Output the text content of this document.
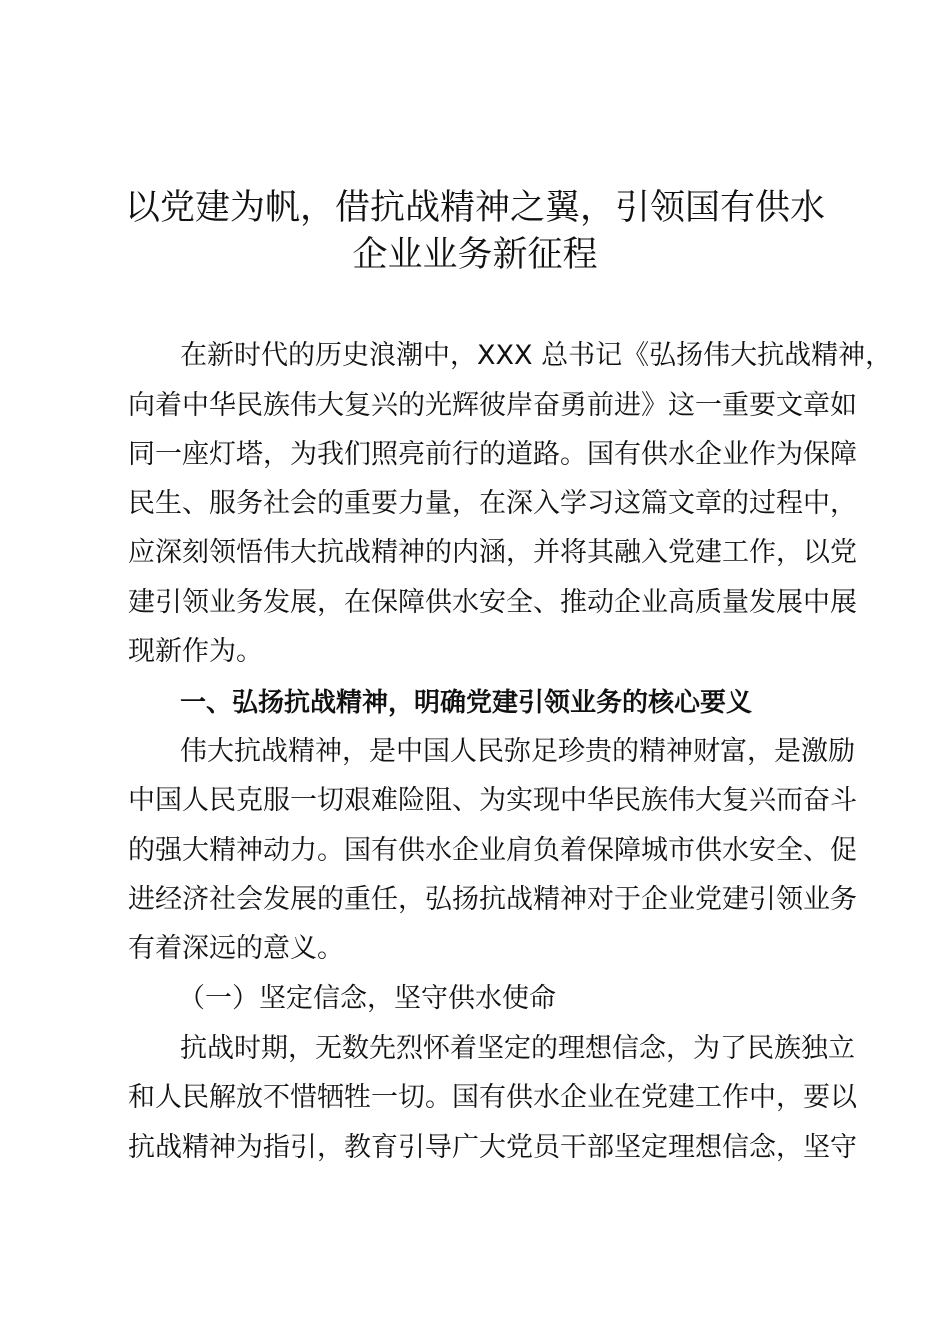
以党建为帆，借抗战精神之翼，引领国有供水
企业业务新征程
在新时代的历史浪潮中，XXX 总书记《弘扬伟大抗战精神，
向着中华民族伟大复兴的光辉彼岸奋勇前进》这一重要文章如
同一座灯塔，为我们照亮前行的道路。国有供水企业作为保障
民生、服务社会的重要力量，在深入学习这篇文章的过程中，
应深刻领悟伟大抗战精神的内涵，并将其融入党建工作，以党
建引领业务发展，在保障供水安全、推动企业高质量发展中展
现新作为。
一、弘扬抗战精神，明确党建引领业务的核心要义
伟大抗战精神，是中国人民弥足珍贵的精神财富，是激励
中国人民克服一切艰难险阻、为实现中华民族伟大复兴而奋斗
的强大精神动力。国有供水企业肩负着保障城市供水安全、促
进经济社会发展的重任，弘扬抗战精神对于企业党建引领业务
有着深远的意义。
（一）坚定信念，坚守供水使命
抗战时期，无数先烈怀着坚定的理想信念，为了民族独立
和人民解放不惜牺牲一切。国有供水企业在党建工作中，要以
抗战精神为指引，教育引导广大党员干部坚定理想信念，坚守
